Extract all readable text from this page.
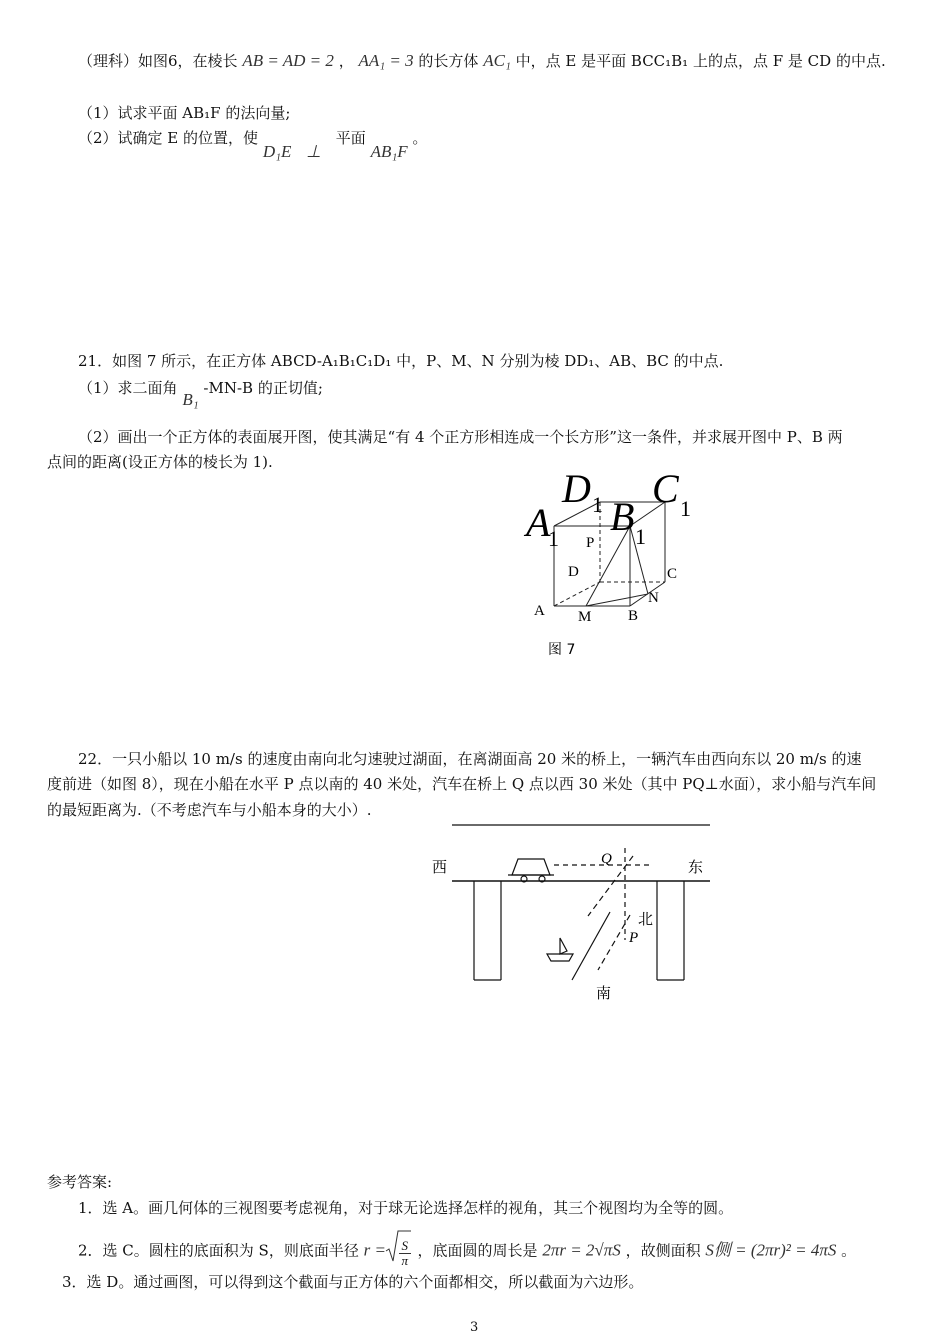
（理科）如图6，在棱长 AB = AD = 2 ， AA₁ = 3 的长方体 AC₁ 中，点 E 是平面 BCC₁B₁ 上的点，点 F 是 CD 的中点.
（1）试求平面 AB₁F 的法向量;
（2）试确定 E 的位置，使 D₁E ⊥ 平面 AB₁F 。
21．如图 7 所示，在正方体 ABCD-A₁B₁C₁D₁ 中，P、M、N 分别为棱 DD₁、AB、BC 的中点.
（1）求二面角 B₁ -MN-B 的正切值;
（2）画出一个正方体的表面展开图，使其满足“有 4 个正方形相连成一个长方形”这一条件，并求展开图中 P、B 两
点间的距离(设正方体的棱长为 1).
D 1 C 1
A
1 B 1
P
D	C
A M B
N
图 7
22．一只小船以 10 m/s 的速度由南向北匀速驶过湖面，在离湖面高 20 米的桥上，一辆汽车由西向东以 20 m/s 的速
度前进（如图 8），现在小船在水平 P 点以南的 40 米处，汽车在桥上 Q 点以西 30 米处（其中 PQ⊥水面），求小船与汽车间
的最短距离为.（不考虑汽车与小船本身的大小）.
西	东
北
南
Q
P
参考答案:
1．选 A。画几何体的三视图要考虑视角，对于球无论选择怎样的视角，其三个视图均为全等的圆。
2．选 C。圆柱的底面积为 S，则底面半径 $r = \frac{S}{\pi}$ ，底面圆的周长是 2πr = 2√πS ，故侧面积 S侧 = (2πr)² = 4πS 。
3．选 D。通过画图，可以得到这个截面与正方体的六个面都相交，所以截面为六边形。
3
